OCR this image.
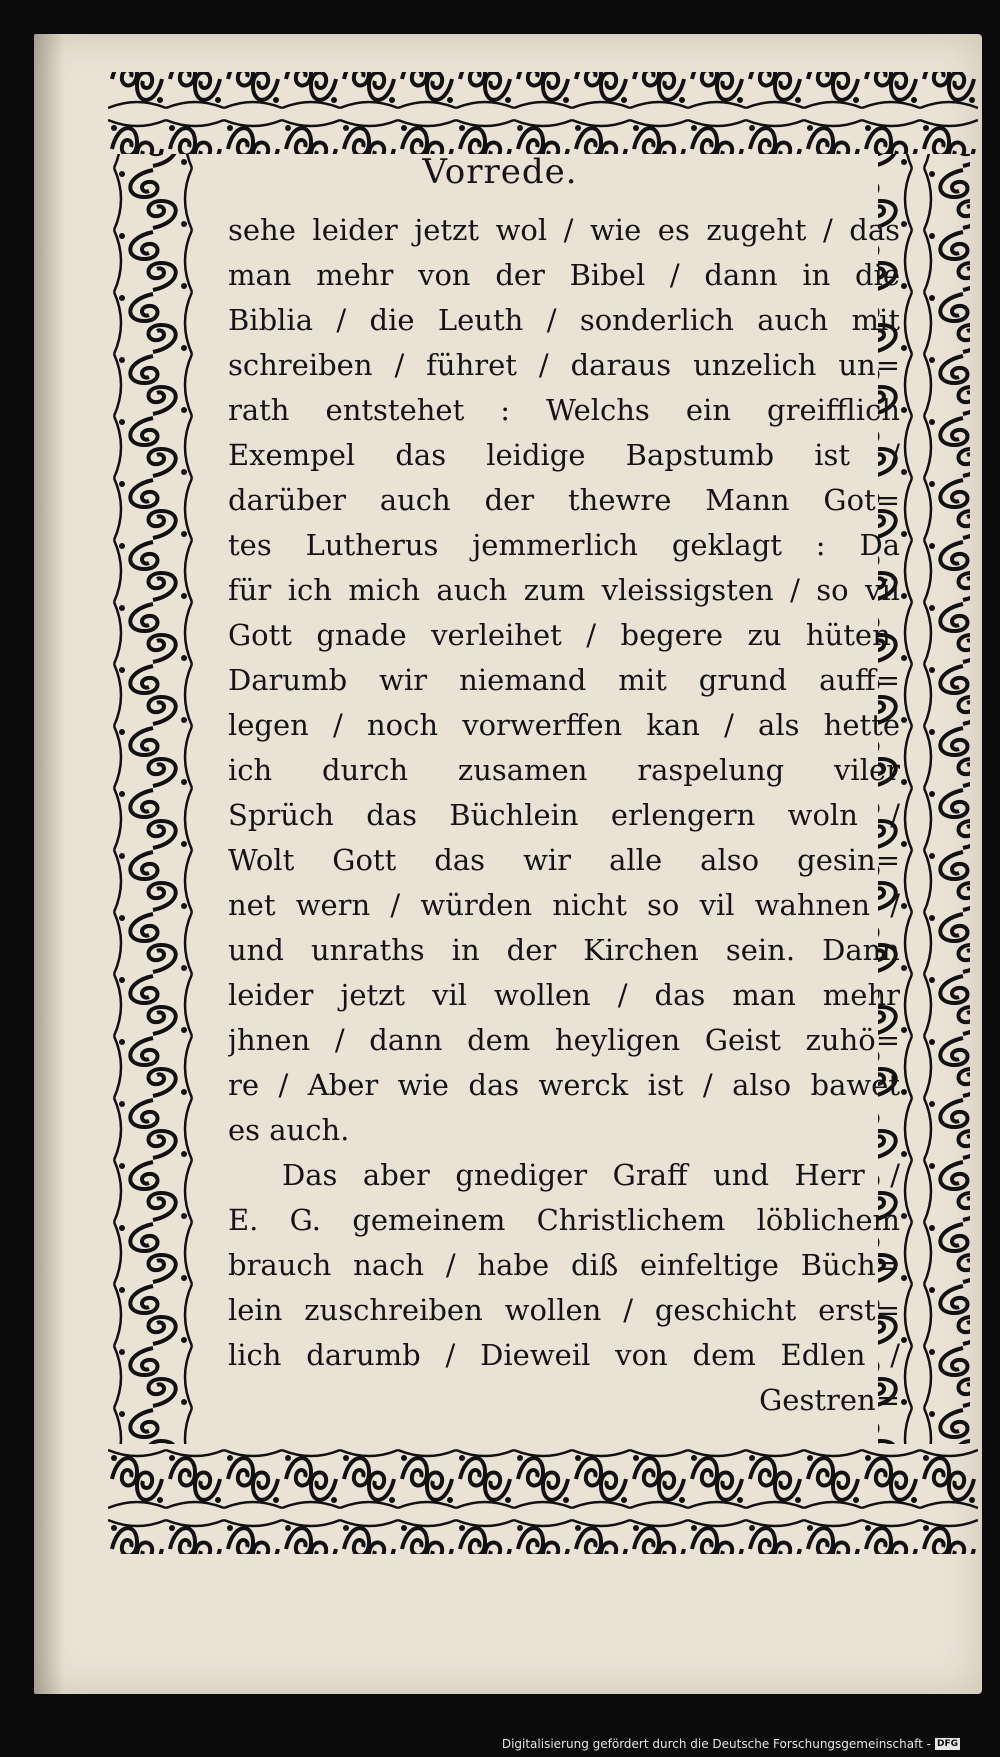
Vorrede.
sehe leider jetzt wol / wie es zugeht / das
man mehr von der Bibel / dann in die
Biblia / die Leuth / sonderlich auch mit
schreiben / führet / daraus unzelich un=
rath entstehet : Welchs ein greifflich
Exempel das leidige Bapstumb ist /
darüber auch der thewre Mann Got=
tes Lutherus jemmerlich geklagt : Da
für ich mich auch zum vleissigsten / so vil
Gott gnade verleihet / begere zu hüten.
Darumb wir niemand mit grund auff=
legen / noch vorwerffen kan / als hette
ich durch zusamen raspelung viler
Sprüch das Büchlein erlengern woln /
Wolt Gott das wir alle also gesin=
net wern / würden nicht so vil wahnen /
und unraths in der Kirchen sein. Dann
leider jetzt vil wollen / das man mehr
jhnen / dann dem heyligen Geist zuhö=
re / Aber wie das werck ist / also bawet
es auch.
Das aber gnediger Graff und Herr /
E. G. gemeinem Christlichem löblichem
brauch nach / habe diß einfeltige Büch=
lein zuschreiben wollen / geschicht erst=
lich darumb / Dieweil von dem Edlen /
Gestren=
Digitalisierung gefördert durch die Deutsche Forschungsgemeinschaft - DFG
